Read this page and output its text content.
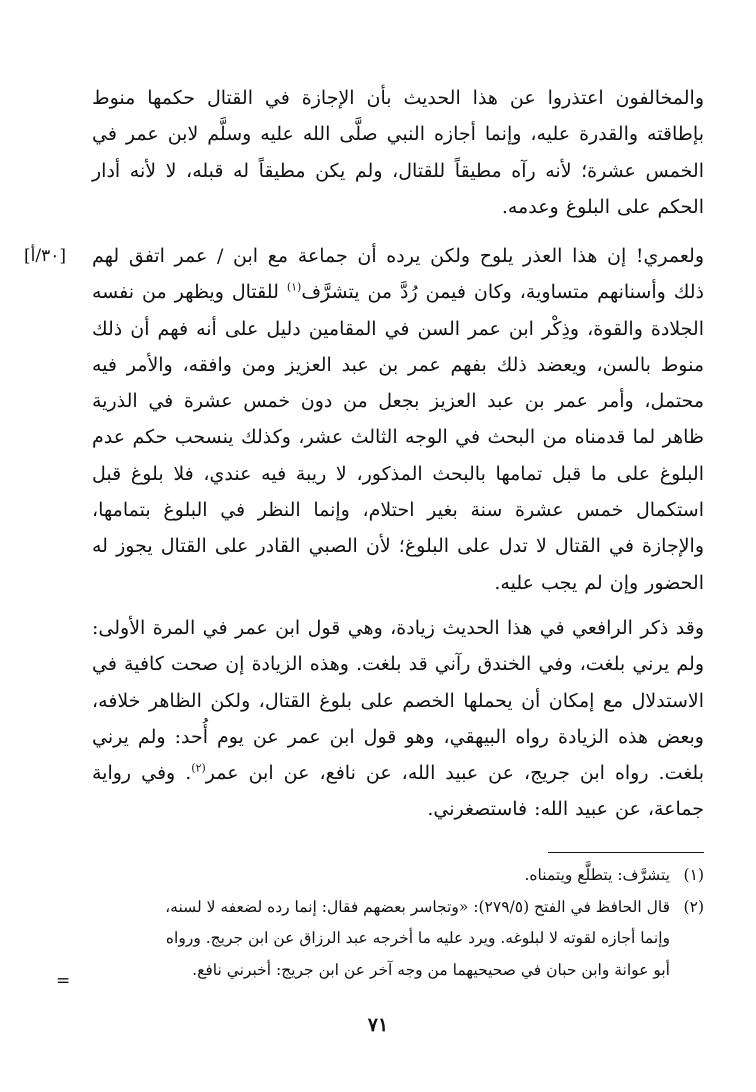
[٣٠/أ]

والمخالفون اعتذروا عن هذا الحديث بأن الإجازة في القتال حكمها منوط بإطاقته والقدرة عليه، وإنما أجازه النبي صلَّى الله عليه وسلَّم لابن عمر في الخمس عشرة؛ لأنه رآه مطيقاً للقتال، ولم يكن مطيقاً له قبله، لا لأنه أدار الحكم على البلوغ وعدمه.

ولعمري! إن هذا العذر يلوح ولكن يرده أن جماعة مع ابن / عمر اتفق لهم ذلك وأسنانهم متساوية، وكان فيمن رُدَّ من يتشرَّف$^{(١)}$ للقتال ويظهر من نفسه الجلادة والقوة، وذِكْر ابن عمر السن في المقامين دليل على أنه فهم أن ذلك منوط بالسن، ويعضد ذلك بفهم عمر بن عبد العزيز ومن وافقه، والأمر فيه محتمل، وأمر عمر بن عبد العزيز بجعل من دون خمس عشرة في الذرية ظاهر لما قدمناه من البحث في الوجه الثالث عشر، وكذلك ينسحب حكم عدم البلوغ على ما قبل تمامها بالبحث المذكور، لا ريبة فيه عندي، فلا بلوغ قبل استكمال خمس عشرة سنة بغير احتلام، وإنما النظر في البلوغ بتمامها، والإجازة في القتال لا تدل على البلوغ؛ لأن الصبي القادر على القتال يجوز له الحضور وإن لم يجب عليه.

وقد ذكر الرافعي في هذا الحديث زيادة، وهي قول ابن عمر في المرة الأولى: ولم يرني بلغت، وفي الخندق رآني قد بلغت. وهذه الزيادة إن صحت كافية في الاستدلال مع إمكان أن يحملها الخصم على بلوغ القتال، ولكن الظاهر خلافه، وبعض هذه الزيادة رواه البيهقي، وهو قول ابن عمر عن يوم أُحد: ولم يرني بلغت. رواه ابن جريج، عن عبيد الله، عن نافع، عن ابن عمر$^{(٢)}$. وفي رواية جماعة، عن عبيد الله: فاستصغرني.

(١)يتشرَّف: يتطلَّع ويتمناه.

(٢)قال الحافظ في الفتح (٢٧٩/٥): «وتجاسر بعضهم فقال: إنما رده لضعفه لا لسنه،

وإنما أجازه لقوته لا لبلوغه. ويرد عليه ما أخرجه عبد الرزاق عن ابن جريج. ورواه

أبو عوانة وابن حبان في صحيحيهما من وجه آخر عن ابن جريج: أخبرني نافع.

=
٧١
